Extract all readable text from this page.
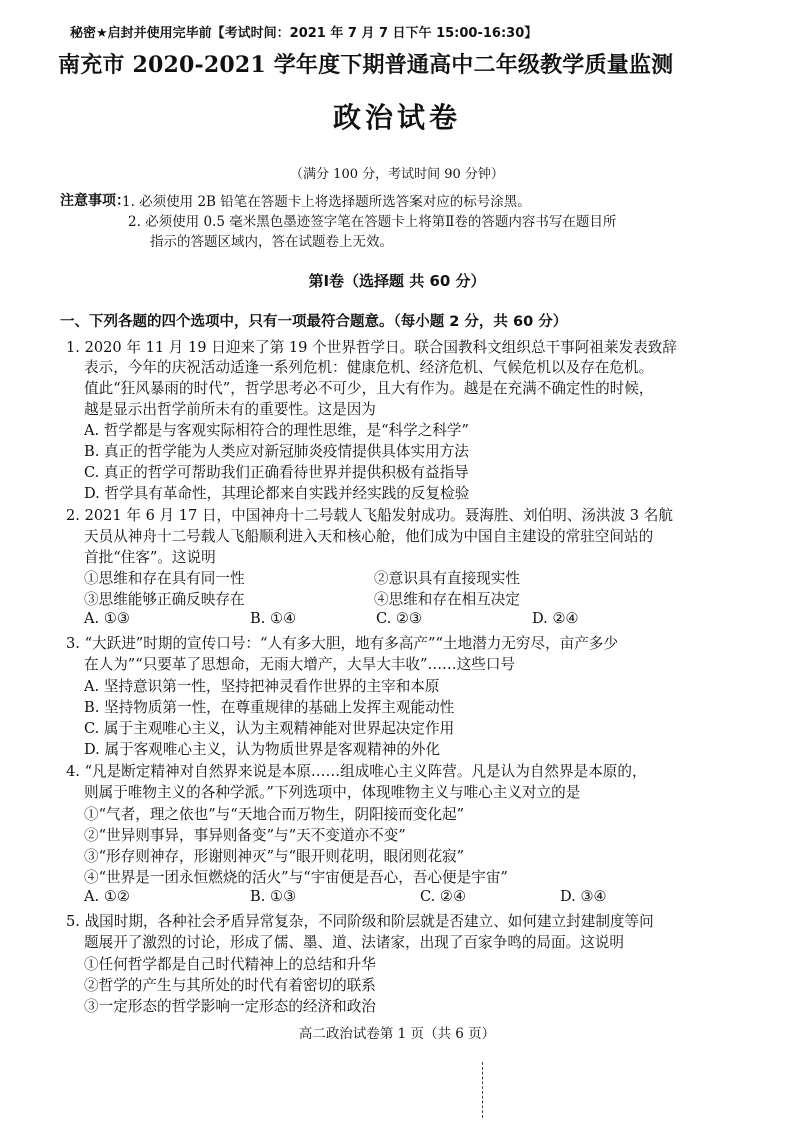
秘密★启封并使用完毕前【考试时间：2021 年 7 月 7 日下午 15:00-16:30】
南充市 2020-2021 学年度下期普通高中二年级教学质量监测
政治试卷
（满分 100 分，考试时间 90 分钟）
注意事项：
1. 必须使用 2B 铅笔在答题卡上将选择题所选答案对应的标号涂黑。
2. 必须使用 0.5 毫米黑色墨迹签字笔在答题卡上将第Ⅱ卷的答题内容书写在题目所
指示的答题区域内，答在试题卷上无效。
第Ⅰ卷（选择题 共 60 分）
一、下列各题的四个选项中，只有一项最符合题意。（每小题 2 分，共 60 分）
1. 2020 年 11 月 19 日迎来了第 19 个世界哲学日。联合国教科文组织总干事阿祖莱发表致辞
表示，今年的庆祝活动适逢一系列危机：健康危机、经济危机、气候危机以及存在危机。
值此“狂风暴雨的时代”，哲学思考必不可少，且大有作为。越是在充满不确定性的时候，
越是显示出哲学前所未有的重要性。这是因为
A. 哲学都是与客观实际相符合的理性思维，是“科学之科学”
B. 真正的哲学能为人类应对新冠肺炎疫情提供具体实用方法
C. 真正的哲学可帮助我们正确看待世界并提供积极有益指导
D. 哲学具有革命性，其理论都来自实践并经实践的反复检验
2. 2021 年 6 月 17 日，中国神舟十二号载人飞船发射成功。聂海胜、刘伯明、汤洪波 3 名航
天员从神舟十二号载人飞船顺利进入天和核心舱，他们成为中国自主建设的常驻空间站的
首批“住客”。这说明
①思维和存在具有同一性	②意识具有直接现实性
③思维能够正确反映存在	④思维和存在相互决定
A. ①③	B. ①④	C. ②③	D. ②④
3. “大跃进”时期的宣传口号：“人有多大胆，地有多高产”“土地潜力无穷尽，亩产多少
在人为”“只要革了思想命，无雨大增产，大旱大丰收”……这些口号
A. 坚持意识第一性，坚持把神灵看作世界的主宰和本原
B. 坚持物质第一性，在尊重规律的基础上发挥主观能动性
C. 属于主观唯心主义，认为主观精神能对世界起决定作用
D. 属于客观唯心主义，认为物质世界是客观精神的外化
4. “凡是断定精神对自然界来说是本原……组成唯心主义阵营。凡是认为自然界是本原的，
则属于唯物主义的各种学派。”下列选项中，体现唯物主义与唯心主义对立的是
①“气者，理之依也”与“天地合而万物生，阴阳接而变化起”
②“世异则事异，事异则备变”与“天不变道亦不变”
③“形存则神存，形谢则神灭”与“眼开则花明，眼闭则花寂”
④“世界是一团永恒燃烧的活火”与“宇宙便是吾心，吾心便是宇宙”
A. ①②	B. ①③	C. ②④	D. ③④
5. 战国时期，各种社会矛盾异常复杂，不同阶级和阶层就是否建立、如何建立封建制度等问
题展开了激烈的讨论，形成了儒、墨、道、法诸家，出现了百家争鸣的局面。这说明
①任何哲学都是自己时代精神上的总结和升华
②哲学的产生与其所处的时代有着密切的联系
③一定形态的哲学影响一定形态的经济和政治
高二政治试卷第 1 页（共 6 页）
